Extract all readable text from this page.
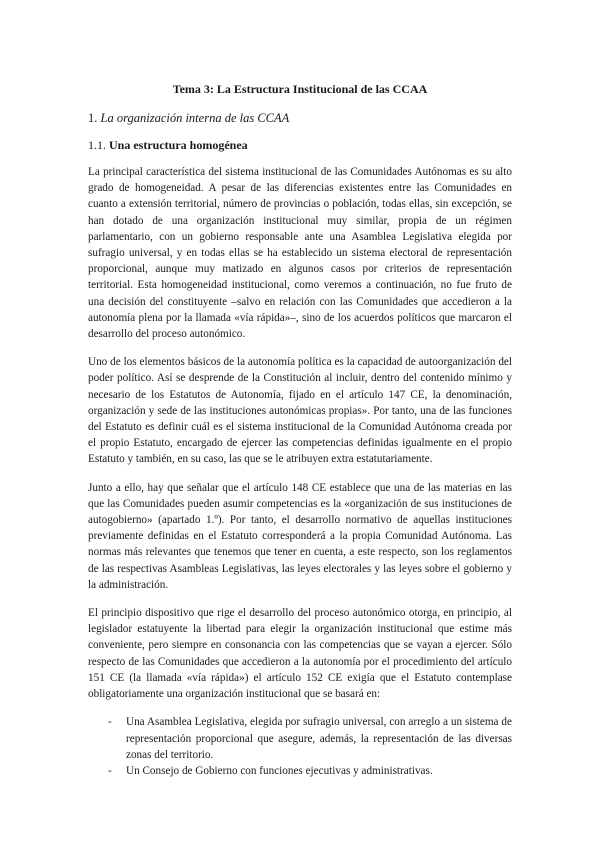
Tema 3: La Estructura Institucional de las CCAA
1. La organización interna de las CCAA
1.1. Una estructura homogénea

La principal característica del sistema institucional de las Comunidades Autónomas es su alto grado de homogeneidad. A pesar de las diferencias existentes entre las Comunidades en cuanto a extensión territorial, número de provincias o población, todas ellas, sin excepción, se han dotado de una organización institucional muy similar, propia de un régimen parlamentario, con un gobierno responsable ante una Asamblea Legislativa elegida por sufragio universal, y en todas ellas se ha establecido un sistema electoral de representación proporcional, aunque muy matizado en algunos casos por criterios de representación territorial. Esta homogeneidad institucional, como veremos a continuación, no fue fruto de una decisión del constituyente –salvo en relación con las Comunidades que accedieron a la autonomía plena por la llamada «vía rápida»–, sino de los acuerdos políticos que marcaron el desarrollo del proceso autonómico.

Uno de los elementos básicos de la autonomía política es la capacidad de autoorganización del poder político. Así se desprende de la Constitución al incluir, dentro del contenido mínimo y necesario de los Estatutos de Autonomía, fijado en el artículo 147 CE, la denominación, organización y sede de las instituciones autonómicas propias». Por tanto, una de las funciones del Estatuto es definir cuál es el sistema institucional de la Comunidad Autónoma creada por el propio Estatuto, encargado de ejercer las competencias definidas igualmente en el propio Estatuto y también, en su caso, las que se le atribuyen extra estatutariamente.

Junto a ello, hay que señalar que el artículo 148 CE establece que una de las materias en las que las Comunidades pueden asumir competencias es la «organización de sus instituciones de autogobierno» (apartado 1.º). Por tanto, el desarrollo normativo de aquellas instituciones previamente definidas en el Estatuto corresponderá a la propia Comunidad Autónoma. Las normas más relevantes que tenemos que tener en cuenta, a este respecto, son los reglamentos de las respectivas Asambleas Legislativas, las leyes electorales y las leyes sobre el gobierno y la administración.

El principio dispositivo que rige el desarrollo del proceso autonómico otorga, en principio, al legislador estatuyente la libertad para elegir la organización institucional que estime más conveniente, pero siempre en consonancia con las competencias que se vayan a ejercer. Sólo respecto de las Comunidades que accedieron a la autonomía por el procedimiento del artículo 151 CE (la llamada «vía rápida») el artículo 152 CE exigía que el Estatuto contemplase obligatoriamente una organización institucional que se basará en:

- Una Asamblea Legislativa, elegida por sufragio universal, con arreglo a un sistema de representación proporcional que asegure, además, la representación de las diversas zonas del territorio.
- Un Consejo de Gobierno con funciones ejecutivas y administrativas.
